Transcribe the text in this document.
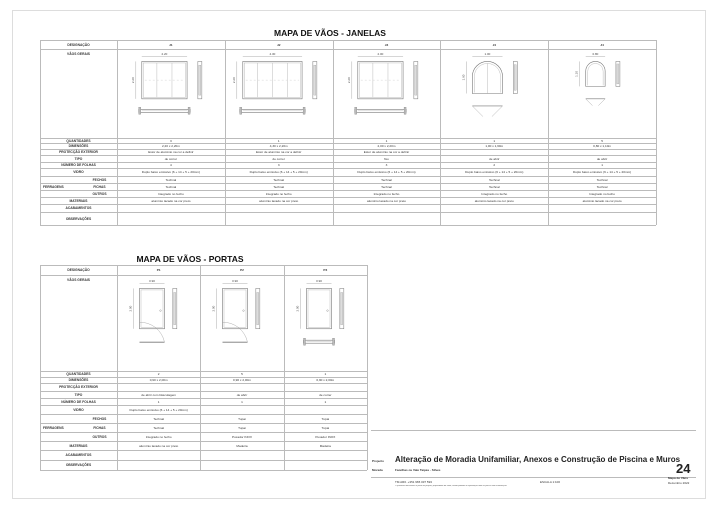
MAPA DE VÃOS - JANELAS
DESIGNAÇÃO
VÃOS GERAIS
QUANTIDADES
DIMENSÕES
PROTECÇÃO EXTERIOR
TIPO
NÚMERO DE FOLHAS
VIDRO
FECHOS
FICHAS
OUTROS
MATERIAIS
ACABAMENTOS
OBSERVAÇÕES
FERRAGENS
J1
3
2,20 x 2,20m
Estor de alumínio na cor a definir
de correr
4
Duplo baixo emissivo (6 + 14 + 5 + 20mm)
Technal
Technal
Integrado no fecho
alumínio lacado na cor preto
2.20
2.20
J2
1
4,30 x 2,20m
Estor de alumínio na cor a definir
de correr
3
Duplo baixo emissivo (6 + 14 + 5 + 20mm)
Technal
Technal
Integrado no fecho
alumínio lacado na cor preto
4.30
2.20
J3
1
2,00 x 2,20m
Estor de alumínio na cor a definir
fixo
3
Duplo baixo emissivo (6 + 14 + 5 + 20mm)
Technal
Technal
Integrado no fecho
alumínio lacado na cor preto
2.00
2.20
J4
1
1,00 x 1,60m
de abrir
2
Duplo baixo emissivo (6 + 14 + 5 + 20mm)
Technal
Technal
Integrado no fecho
alumínio lacado na cor preto
1.00
1.60
J4
5
0,80 x 1,10m
de abrir
1
Duplo baixo emissivo (6 + 14 + 5 + 20mm)
Technal
Technal
Integrado no fecho
alumínio lacado na cor preto
0.80
1.10
MAPA DE VÃOS - PORTAS
DESIGNAÇÃO
VÃOS GERAIS
QUANTIDADES
DIMENSÕES
PROTECÇÃO EXTERIOR
TIPO
NÚMERO DE FOLHAS
VIDRO
FECHOS
FICHAS
OUTROS
MATERIAIS
ACABAMENTOS
OBSERVAÇÕES
FERRAGENS
P1
2
0,90 x 2,00m
de abrir com bâsculagem
1
Duplo baixo emissivo (6 + 14 + 5 + 20mm)
Technal
Technal
Integrado no fecho
alumínio lacado na cor preto
0.90
2.00
P2
5
0,90 x 2,00m
de abrir
1
Tupai
Tupai
Puxador INOX
Madeira
0.90
2.00
P3
1
0,90 x 2,00m
de correr
1
Tupai
Tupai
Puxador INOX
Madeira
0.90
2.00
Projecto Alteração de Moradia Unifamiliar, Anexos e Construção de Piscina e Muros
Morada	Fazelhas ou Vale Taipas - Silves
TM.AR0. +351 965 037 593	ESCALA 1:100
24
Mapa de Vãos
Dezembro 2022
O presente documento é parte do projeto, propriedade do autor, sendo proibida a reprodução total ou parcial sem autorização.
